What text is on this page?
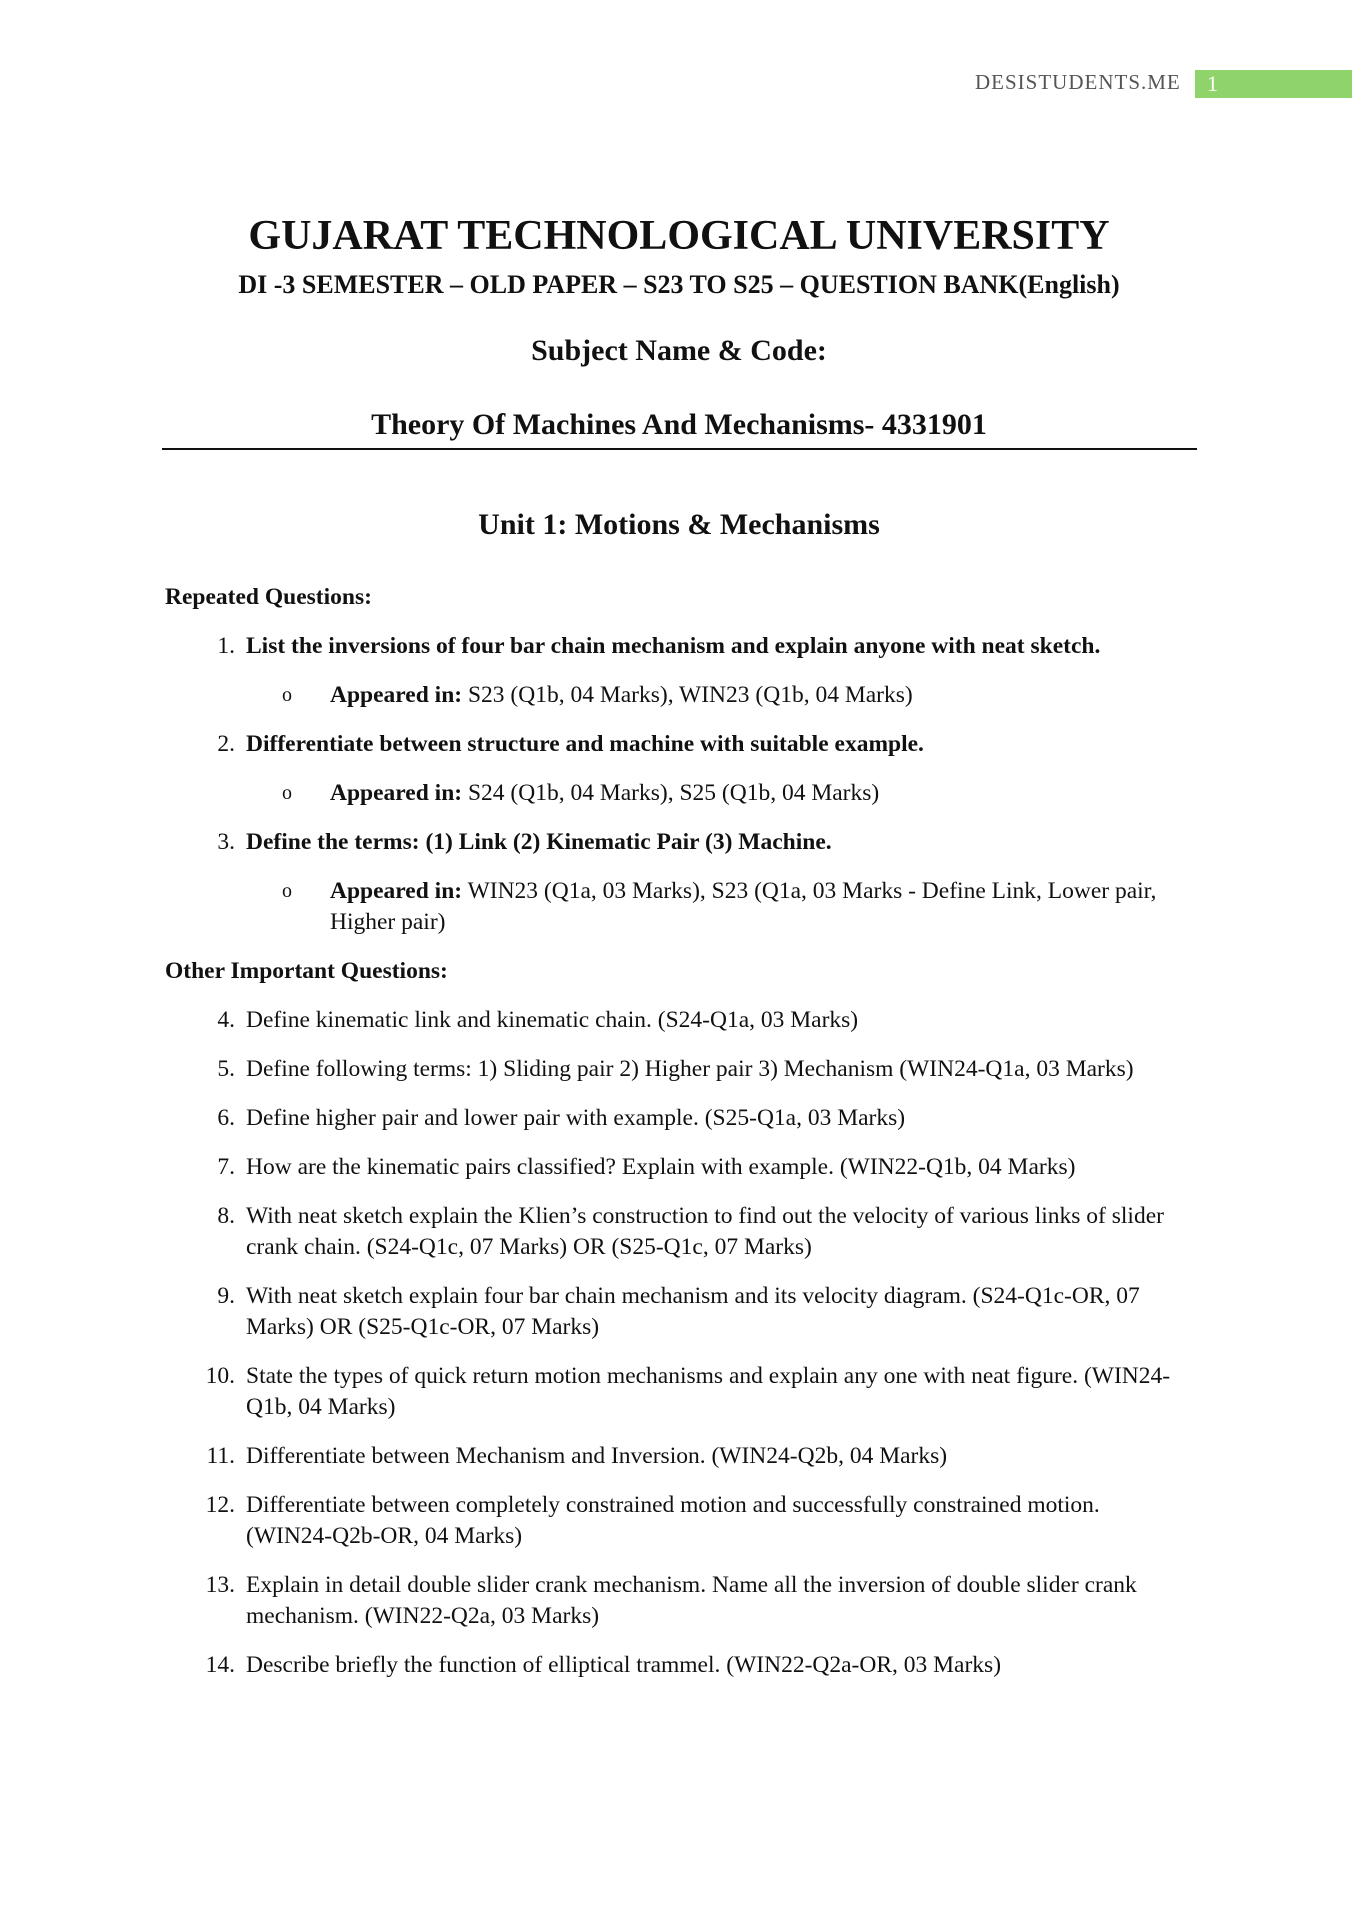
DESISTUDENTS.ME	1
GUJARAT TECHNOLOGICAL UNIVERSITY
DI -3 SEMESTER – OLD PAPER – S23 TO S25 – QUESTION BANK(English)
Subject Name & Code:
Theory Of Machines And Mechanisms- 4331901
Unit 1: Motions & Mechanisms
Repeated Questions:
1. List the inversions of four bar chain mechanism and explain anyone with neat sketch.
o	Appeared in: S23 (Q1b, 04 Marks), WIN23 (Q1b, 04 Marks)
2. Differentiate between structure and machine with suitable example.
o	Appeared in: S24 (Q1b, 04 Marks), S25 (Q1b, 04 Marks)
3. Define the terms: (1) Link (2) Kinematic Pair (3) Machine.
o	Appeared in: WIN23 (Q1a, 03 Marks), S23 (Q1a, 03 Marks - Define Link, Lower pair, Higher pair)
Other Important Questions:
4. Define kinematic link and kinematic chain. (S24-Q1a, 03 Marks)
5. Define following terms: 1) Sliding pair 2) Higher pair 3) Mechanism (WIN24-Q1a, 03 Marks)
6. Define higher pair and lower pair with example. (S25-Q1a, 03 Marks)
7. How are the kinematic pairs classified? Explain with example. (WIN22-Q1b, 04 Marks)
8. With neat sketch explain the Klien’s construction to find out the velocity of various links of slider crank chain. (S24-Q1c, 07 Marks) OR (S25-Q1c, 07 Marks)
9. With neat sketch explain four bar chain mechanism and its velocity diagram. (S24-Q1c-OR, 07 Marks) OR (S25-Q1c-OR, 07 Marks)
10. State the types of quick return motion mechanisms and explain any one with neat figure. (WIN24-Q1b, 04 Marks)
11. Differentiate between Mechanism and Inversion. (WIN24-Q2b, 04 Marks)
12. Differentiate between completely constrained motion and successfully constrained motion. (WIN24-Q2b-OR, 04 Marks)
13. Explain in detail double slider crank mechanism. Name all the inversion of double slider crank mechanism. (WIN22-Q2a, 03 Marks)
14. Describe briefly the function of elliptical trammel. (WIN22-Q2a-OR, 03 Marks)
